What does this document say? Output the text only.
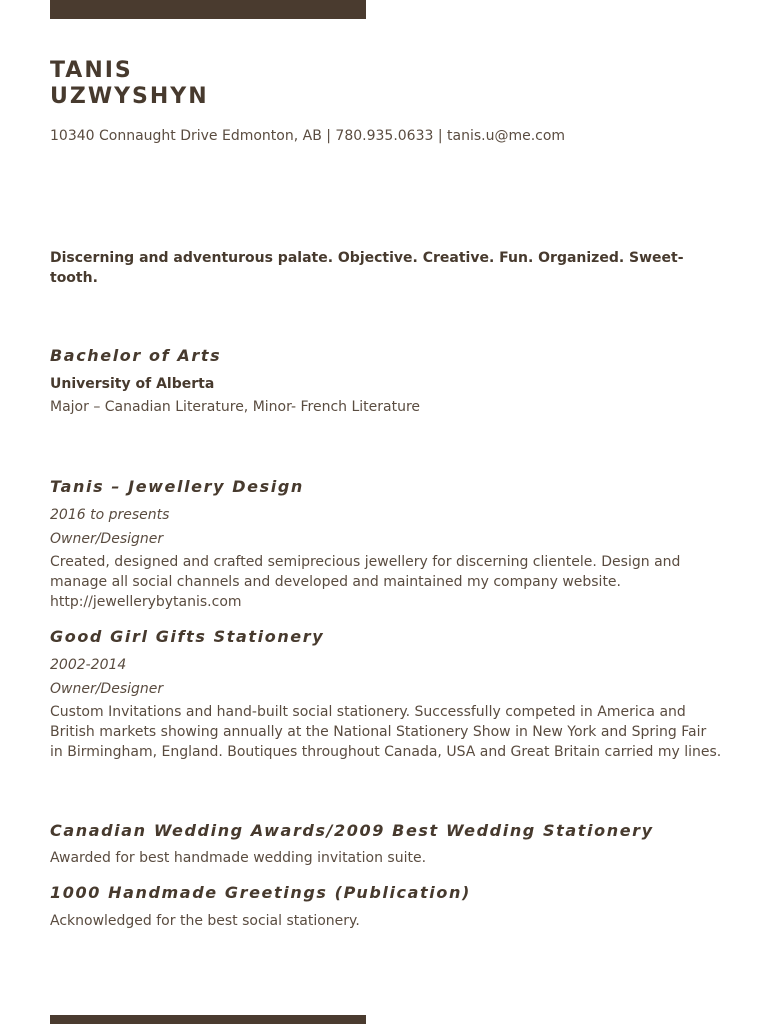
TANIS
UZWYSHYN

10340 Connaught Drive Edmonton, AB | 780.935.0633 | tanis.u@me.com

Discerning and adventurous palate. Objective. Creative. Fun. Organized. Sweet-tooth.

Bachelor of Arts
University of Alberta
Major – Canadian Literature, Minor- French Literature
Tanis – Jewellery Design
2016 to presents
Owner/Designer
Created, designed and crafted semiprecious jewellery for discerning clientele. Design and manage all social channels and developed and maintained my company website. http://jewellerybytanis.com
Good Girl Gifts Stationery
2002-2014
Owner/Designer
Custom Invitations and hand-built social stationery. Successfully competed in America and British markets showing annually at the National Stationery Show in New York and Spring Fair in Birmingham, England. Boutiques throughout Canada, USA and Great Britain carried my lines.
Canadian Wedding Awards/2009 Best Wedding Stationery
Awarded for best handmade wedding invitation suite.
1000 Handmade Greetings (Publication)
Acknowledged for the best social stationery.
